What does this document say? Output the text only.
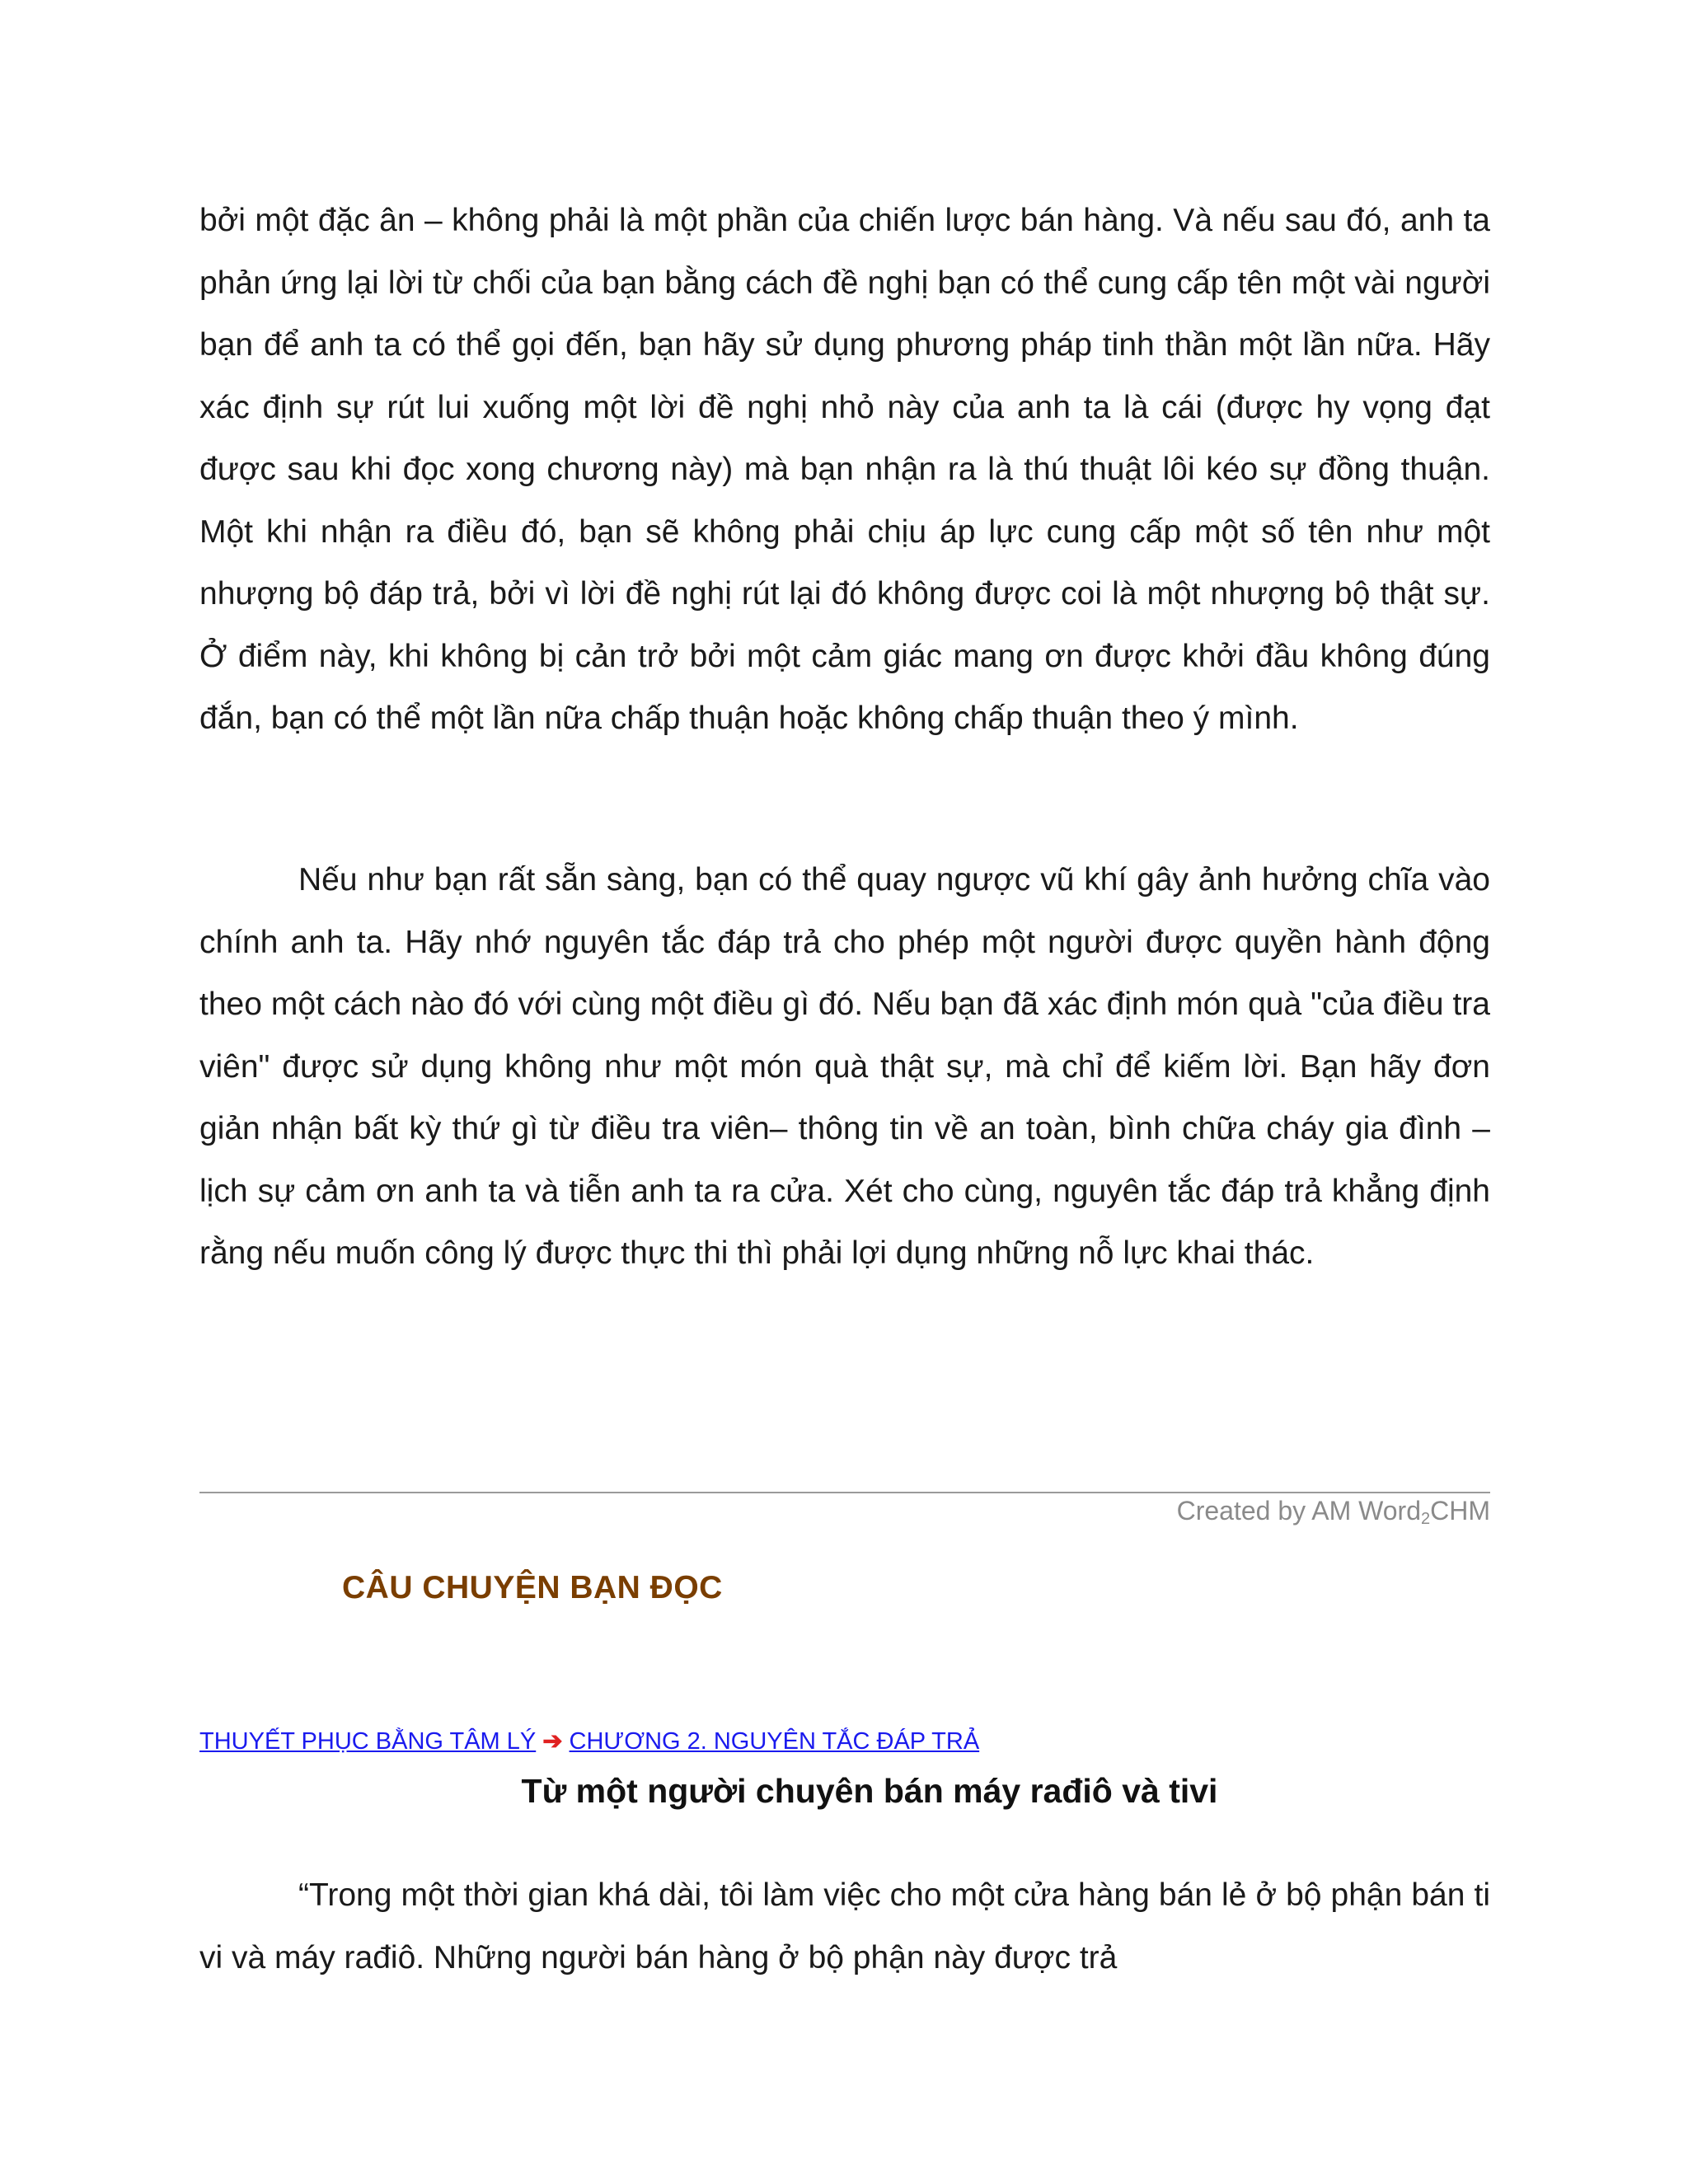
bởi một đặc ân – không phải là một phần của chiến lược bán hàng. Và nếu sau đó, anh ta phản ứng lại lời từ chối của bạn bằng cách đề nghị bạn có thể cung cấp tên một vài người bạn để anh ta có thể gọi đến, bạn hãy sử dụng phương pháp tinh thần một lần nữa. Hãy xác định sự rút lui xuống một lời đề nghị nhỏ này của anh ta là cái (được hy vọng đạt được sau khi đọc xong chương này) mà bạn nhận ra là thú thuật lôi kéo sự đồng thuận. Một khi nhận ra điều đó, bạn sẽ không phải chịu áp lực cung cấp một số tên như một nhượng bộ đáp trả, bởi vì lời đề nghị rút lại đó không được coi là một nhượng bộ thật sự. Ở điểm này, khi không bị cản trở bởi một cảm giác mang ơn được khởi đầu không đúng đắn, bạn có thể một lần nữa chấp thuận hoặc không chấp thuận theo ý mình.

Nếu như bạn rất sẵn sàng, bạn có thể quay ngược vũ khí gây ảnh hưởng chĩa vào chính anh ta. Hãy nhớ nguyên tắc đáp trả cho phép một người được quyền hành động theo một cách nào đó với cùng một điều gì đó. Nếu bạn đã xác định món quà "của điều tra viên" được sử dụng không như một món quà thật sự, mà chỉ để kiếm lời. Bạn hãy đơn giản nhận bất kỳ thứ gì từ điều tra viên– thông tin về an toàn, bình chữa cháy gia đình – lịch sự cảm ơn anh ta và tiễn anh ta ra cửa. Xét cho cùng, nguyên tắc đáp trả khẳng định rằng nếu muốn công lý được thực thi thì phải lợi dụng những nỗ lực khai thác.

Created by AM Word$_2$CHM
CÂU CHUYỆN BẠN ĐỌC
THUYẾT PHỤC BẰNG TÂM LÝ ➔ CHƯƠNG 2. NGUYÊN TẮC ĐÁP TRẢ
Từ một người chuyên bán máy rađiô và tivi

“Trong một thời gian khá dài, tôi làm việc cho một cửa hàng bán lẻ ở bộ phận bán ti vi và máy rađiô. Những người bán hàng ở bộ phận này được trả
